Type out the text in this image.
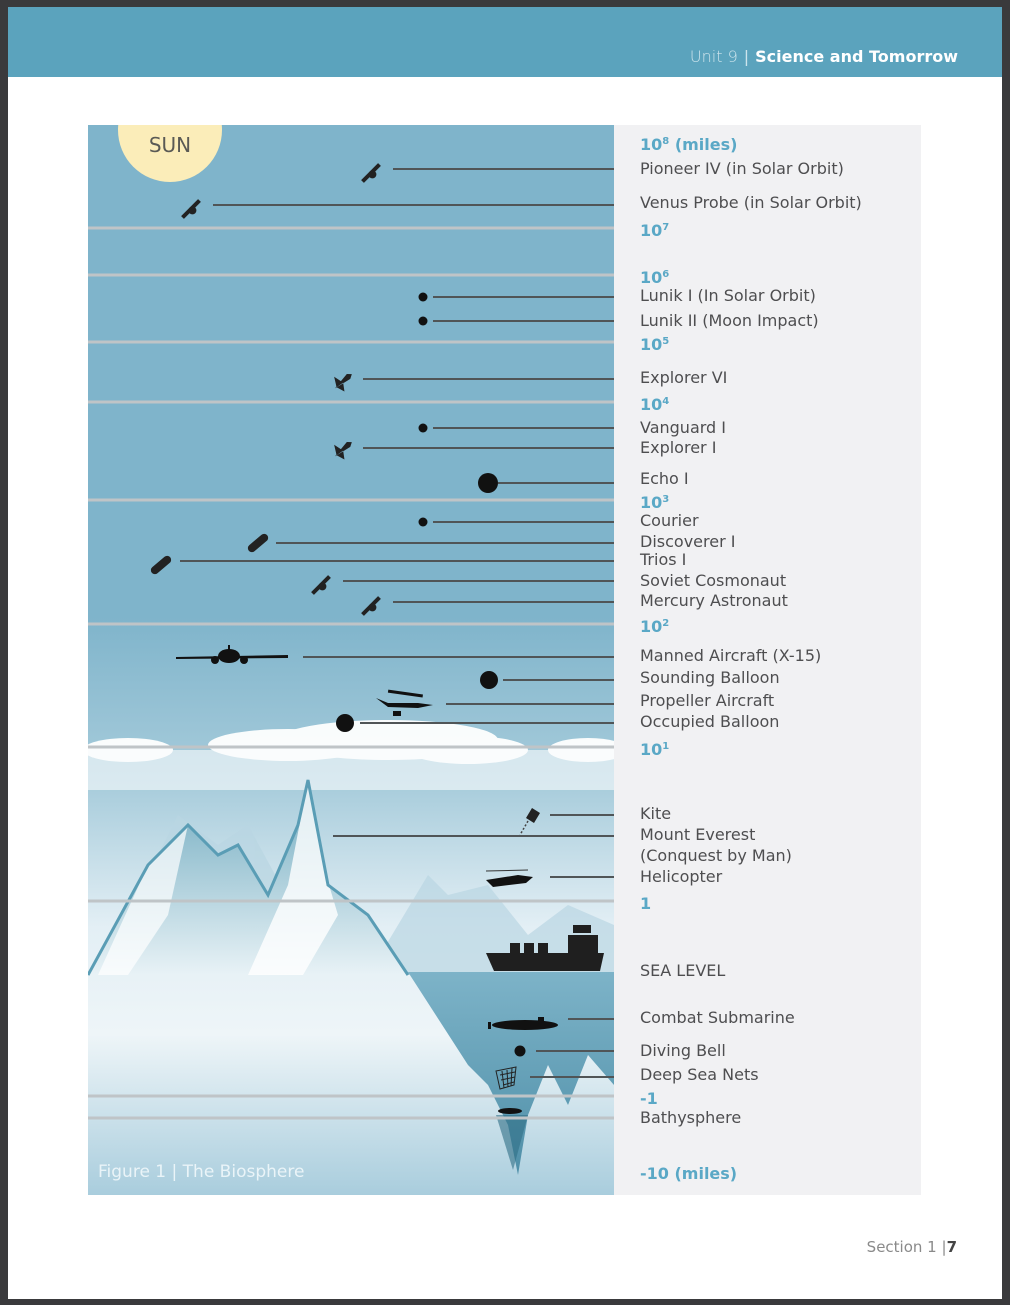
Unit 9 | Science and Tomorrow
SUN	$10^8$ (miles)
$10^7$
$10^6$
$10^5$
$10^4$
$10^3$
$10^2$
$10^1$
1
-1
-10 (miles)
Pioneer IV (in Solar Orbit)
Venus Probe (in Solar Orbit)
Lunik I (In Solar Orbit)
Lunik II (Moon Impact)
Explorer VI
Vanguard I
Explorer I
Echo I
Courier
Discoverer I
Trios I
Soviet Cosmonaut
Mercury Astronaut
Manned Aircraft (X-15)
Sounding Balloon
Propeller Aircraft
Occupied Balloon
Kite
Mount Everest
(Conquest by Man)
Helicopter
SEA LEVEL
Combat Submarine
Diving Bell
Deep Sea Nets
Bathysphere
Figure 1 | The Biosphere
Section 1 |7
